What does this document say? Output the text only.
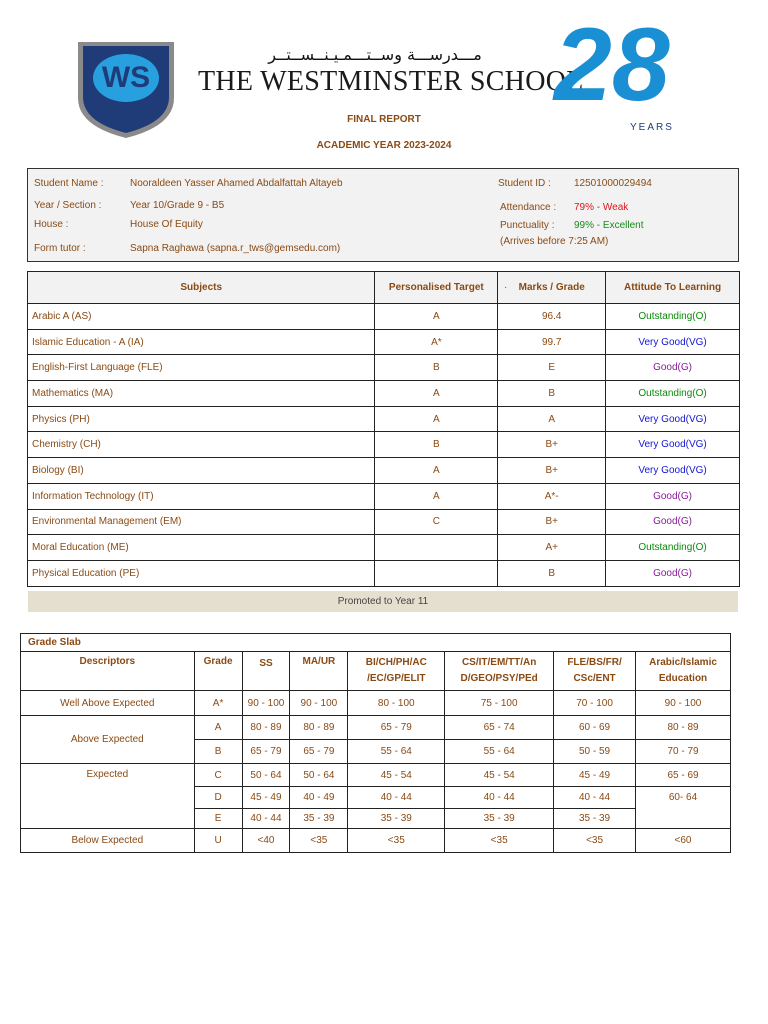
WS
مـــدرســـة وســتـــمـيـنــســتــر
THE WESTMINSTER SCHOOL
28
YEARS
FINAL REPORT
ACADEMIC YEAR 2023-2024
Student Name :	Nooraldeen Yasser Ahamed Abdalfattah Altayeb
Year / Section :	Year 10/Grade 9 - B5
House :	House Of Equity
Form tutor :	Sapna Raghawa (sapna.r_tws@gemsedu.com)
Student ID : 12501000029494
Attendance : 79% - Weak
Punctuality : 99% - Excellent
(Arrives before 7:25 AM)
Subjects	Personalised Target	. Marks / Grade	Attitude To Learning
Arabic A (AS)	A	96.4	Outstanding(O)
Islamic Education - A (IA)	A*	99.7	Very Good(VG)
English-First Language (FLE)	B	E	Good(G)
Mathematics (MA)	A	B	Outstanding(O)
Physics (PH)	A	A	Very Good(VG)
Chemistry (CH)	B	B+	Very Good(VG)
Biology (BI)	A	B+	Very Good(VG)
Information Technology (IT)	A	A*-	Good(G)
Environmental Management (EM)	C	B+	Good(G)
Moral Education (ME)		A+	Outstanding(O)
Physical Education (PE)		B	Good(G)
Promoted to Year 11
Grade Slab							
Descriptors	Grade	SS	MA/UR	BI/CH/PH/AC /EC/GP/ELIT	CS/IT/EM/TT/An D/GEO/PSY/PEd	FLE/BS/FR/ CSc/ENT	Arabic/Islamic Education
Well Above Expected	A*	90 - 100	90 - 100	80 - 100	75 - 100	70 - 100	90 - 100
Above Expected	A	80 - 89	80 - 89	65 - 79	65 - 74	60 - 69	80 - 89
	B	65 - 79	65 - 79	55 - 64	55 - 64	50 - 59	70 - 79
Expected	C	50 - 64	50 - 64	45 - 54	45 - 54	45 - 49	65 - 69
	D	45 - 49	40 - 49	40 - 44	40 - 44	40 - 44	60- 64
	E	40 - 44	35 - 39	35 - 39	35 - 39	35 - 39	
Below Expected	U	<40	<35	<35	<35	<35	<60
